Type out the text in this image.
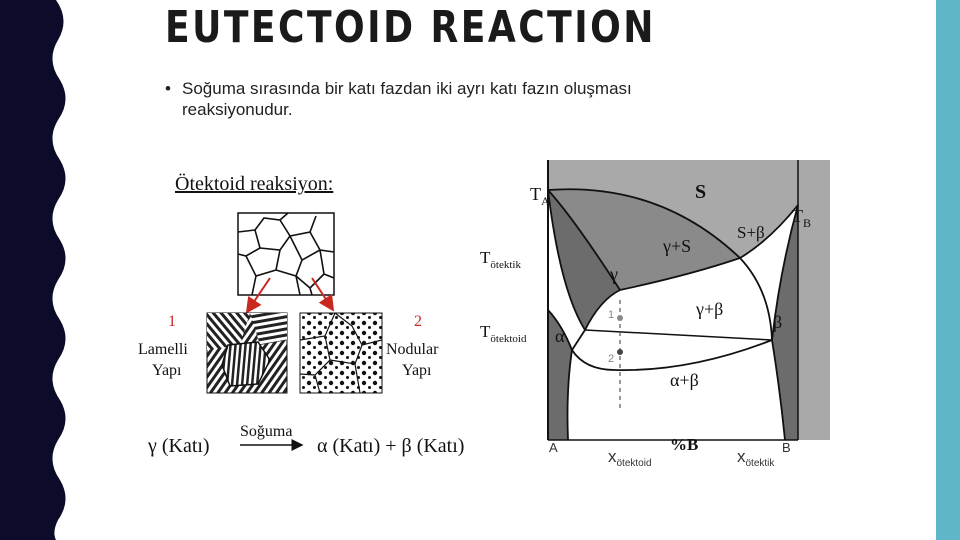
EUTECTOID REACTION
• Soğuma sırasında bir katı fazdan iki ayrı katı fazın oluşması reaksiyonudur.
Ötektoid reaksiyon:
1	2
Lamelli
Yapı
Nodular
Yapı
γ (Katı)
Soğuma
α (Katı) + β (Katı)
$T_A$
$T_B$
$T_{ötektik}$
$T_{ötektoid}$
S
S+β
γ+S
γ
γ+β
β
α
α+β
1
2
A	B
%B
$x_{ötektoid}$	$x_{ötektik}$
